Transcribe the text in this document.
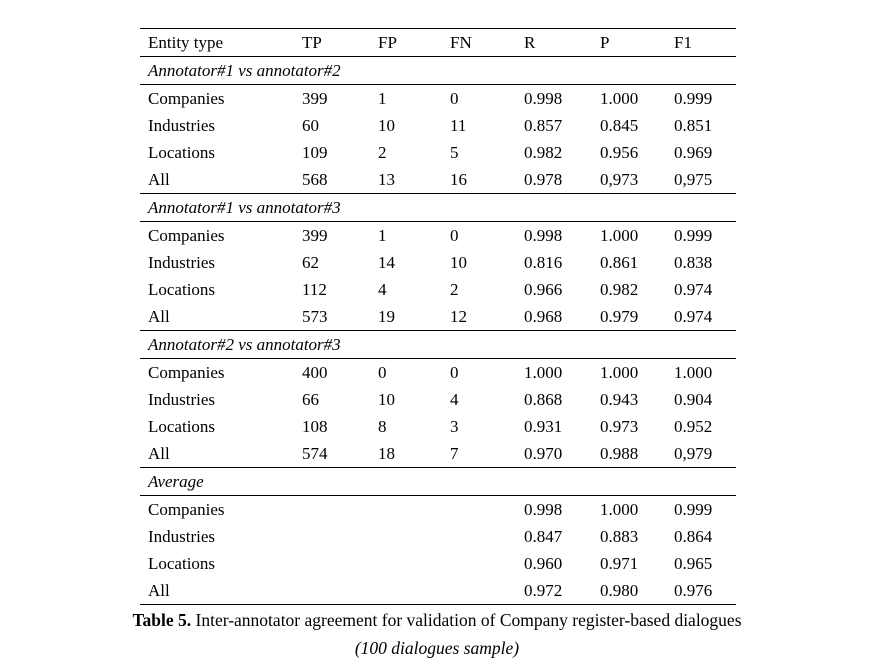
Entity type	TP	FP	FN	R	P	F1
Annotator#1 vs annotator#2						
Companies	399	1	0	0.998	1.000	0.999
Industries	60	10	11	0.857	0.845	0.851
Locations	109	2	5	0.982	0.956	0.969
All	568	13	16	0.978	0,973	0,975
Annotator#1 vs annotator#3						
Companies	399	1	0	0.998	1.000	0.999
Industries	62	14	10	0.816	0.861	0.838
Locations	112	4	2	0.966	0.982	0.974
All	573	19	12	0.968	0.979	0.974
Annotator#2 vs annotator#3						
Companies	400	0	0	1.000	1.000	1.000
Industries	66	10	4	0.868	0.943	0.904
Locations	108	8	3	0.931	0.973	0.952
All	574	18	7	0.970	0.988	0,979
Average						
Companies				0.998	1.000	0.999
Industries				0.847	0.883	0.864
Locations				0.960	0.971	0.965
All				0.972	0.980	0.976
Table 5. Inter-annotator agreement for validation of Company register-based dialogues
(100 dialogues sample)
